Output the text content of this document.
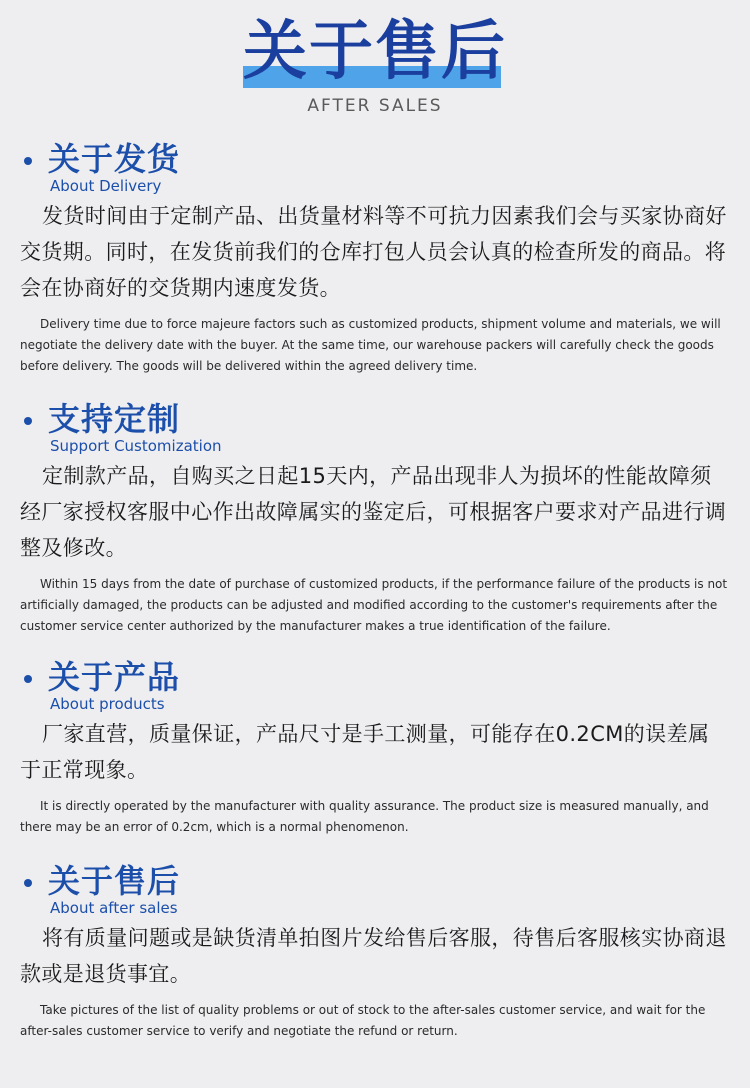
关于售后
AFTER SALES
关于发货
About Delivery
发货时间由于定制产品、出货量材料等不可抗力因素我们会与买家协商好交货期。同时，在发货前我们的仓库打包人员会认真的检查所发的商品。将会在协商好的交货期内速度发货。
Delivery time due to force majeure factors such as customized products, shipment volume and materials, we will negotiate the delivery date with the buyer. At the same time, our warehouse packers will carefully check the goods before delivery. The goods will be delivered within the agreed delivery time.
支持定制
Support Customization
定制款产品，自购买之日起15天内，产品出现非人为损坏的性能故障须经厂家授权客服中心作出故障属实的鉴定后，可根据客户要求对产品进行调整及修改。
Within 15 days from the date of purchase of customized products, if the performance failure of the products is not artificially damaged, the products can be adjusted and modified according to the customer's requirements after the customer service center authorized by the manufacturer makes a true identification of the failure.
关于产品
About products
厂家直营，质量保证，产品尺寸是手工测量，可能存在0.2CM的误差属于正常现象。
It is directly operated by the manufacturer with quality assurance. The product size is measured manually, and there may be an error of 0.2cm, which is a normal phenomenon.
关于售后
About after sales
将有质量问题或是缺货清单拍图片发给售后客服，待售后客服核实协商退款或是退货事宜。
Take pictures of the list of quality problems or out of stock to the after-sales customer service, and wait for the after-sales customer service to verify and negotiate the refund or return.
